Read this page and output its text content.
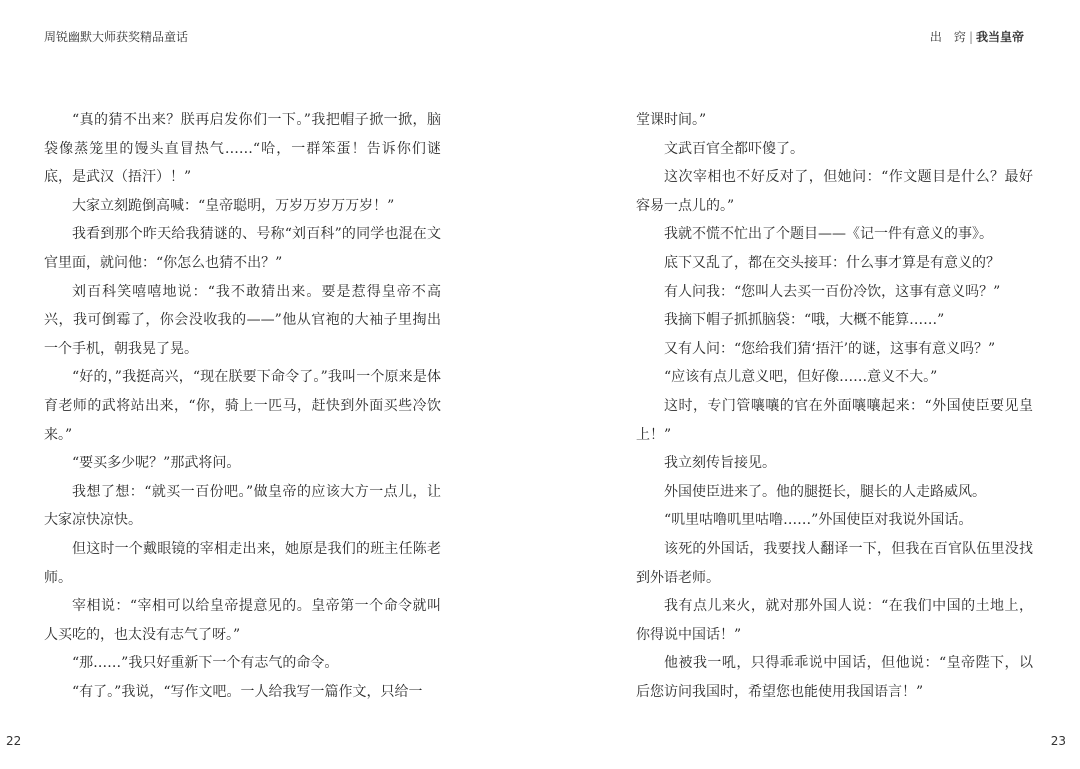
周锐幽默大师获奖精品童话	出　窍 | 我当皇帝

“真的猜不出来？朕再启发你们一下。”我把帽子掀一掀，脑袋像蒸笼里的馒头直冒热气……“哈，一群笨蛋！告诉你们谜底，是武汉（捂汗）！”

大家立刻跪倒高喊：“皇帝聪明，万岁万岁万万岁！”

我看到那个昨天给我猜谜的、号称“刘百科”的同学也混在文官里面，就问他：“你怎么也猜不出？”

刘百科笑嘻嘻地说：“我不敢猜出来。要是惹得皇帝不高兴，我可倒霉了，你会没收我的——”他从官袍的大袖子里掏出一个手机，朝我晃了晃。

“好的，”我挺高兴，“现在朕要下命令了。”我叫一个原来是体育老师的武将站出来，“你，骑上一匹马，赶快到外面买些冷饮来。”

“要买多少呢？”那武将问。

我想了想：“就买一百份吧。”做皇帝的应该大方一点儿，让大家凉快凉快。

但这时一个戴眼镜的宰相走出来，她原是我们的班主任陈老师。

宰相说：“宰相可以给皇帝提意见的。皇帝第一个命令就叫人买吃的，也太没有志气了呀。”

“那……”我只好重新下一个有志气的命令。

“有了。”我说，“写作文吧。一人给我写一篇作文，只给一

堂课时间。”

文武百官全都吓傻了。

这次宰相也不好反对了，但她问：“作文题目是什么？最好容易一点儿的。”

我就不慌不忙出了个题目——《记一件有意义的事》。

底下又乱了，都在交头接耳：什么事才算是有意义的？

有人问我：“您叫人去买一百份冷饮，这事有意义吗？”

我摘下帽子抓抓脑袋：“哦，大概不能算……”

又有人问：“您给我们猜‘捂汗’的谜，这事有意义吗？”

“应该有点儿意义吧，但好像……意义不大。”

这时，专门管嚷嚷的官在外面嚷嚷起来：“外国使臣要见皇上！”

我立刻传旨接见。

外国使臣进来了。他的腿挺长，腿长的人走路威风。

“叽里咕噜叽里咕噜……”外国使臣对我说外国话。

该死的外国话，我要找人翻译一下，但我在百官队伍里没找到外语老师。

我有点儿来火，就对那外国人说：“在我们中国的土地上，你得说中国话！”

他被我一吼，只得乖乖说中国话，但他说：“皇帝陛下，以后您访问我国时，希望您也能使用我国语言！”

22	23
